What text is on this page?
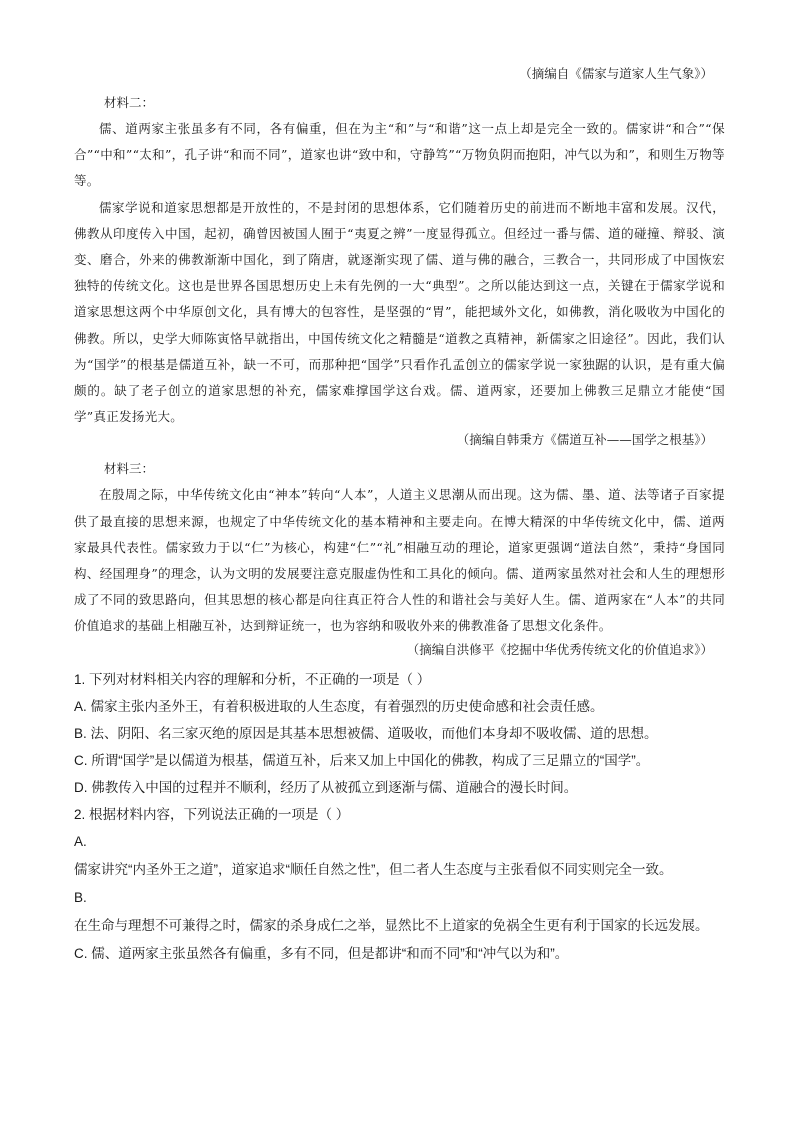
（摘编自《儒家与道家人生气象》）
材料二：

儒、道两家主张虽多有不同，各有偏重，但在为主“和”与“和谐”这一点上却是完全一致的。儒家讲“和合”“保合”“中和”“太和”，孔子讲“和而不同”，道家也讲“致中和，守静笃”“万物负阴而抱阳，冲气以为和”，和则生万物等等。

儒家学说和道家思想都是开放性的，不是封闭的思想体系，它们随着历史的前进而不断地丰富和发展。汉代，佛教从印度传入中国，起初，确曾因被国人囿于“夷夏之辨”一度显得孤立。但经过一番与儒、道的碰撞、辩驳、演变、磨合，外来的佛教渐渐中国化，到了隋唐，就逐渐实现了儒、道与佛的融合，三教合一，共同形成了中国恢宏独特的传统文化。这也是世界各国思想历史上未有先例的一大“典型”。之所以能达到这一点，关键在于儒家学说和道家思想这两个中华原创文化，具有博大的包容性，是坚强的“胃”，能把域外文化，如佛教，消化吸收为中国化的佛教。所以，史学大师陈寅恪早就指出，中国传统文化之精髓是“道教之真精神，新儒家之旧途径”。因此，我们认为“国学”的根基是儒道互补，缺一不可，而那种把“国学”只看作孔孟创立的儒家学说一家独踞的认识，是有重大偏颇的。缺了老子创立的道家思想的补充，儒家难撑国学这台戏。儒、道两家，还要加上佛教三足鼎立才能使“国学”真正发扬光大。

（摘编自韩秉方《儒道互补——国学之根基》）
材料三：

在殷周之际，中华传统文化由“神本”转向“人本”，人道主义思潮从而出现。这为儒、墨、道、法等诸子百家提供了最直接的思想来源，也规定了中华传统文化的基本精神和主要走向。在博大精深的中华传统文化中，儒、道两家最具代表性。儒家致力于以“仁”为核心，构建“仁”“礼”相融互动的理论，道家更强调“道法自然”，秉持“身国同构、经国理身”的理念，认为文明的发展要注意克服虚伪性和工具化的倾向。儒、道两家虽然对社会和人生的理想形成了不同的致思路向，但其思想的核心都是向往真正符合人性的和谐社会与美好人生。儒、道两家在“人本”的共同价值追求的基础上相融互补，达到辩证统一，也为容纳和吸收外来的佛教准备了思想文化条件。

（摘编自洪修平《挖掘中华优秀传统文化的价值追求》）

1. 下列对材料相关内容的理解和分析，不正确的一项是（ ）

A. 儒家主张内圣外王，有着积极进取的人生态度，有着强烈的历史使命感和社会责任感。

B. 法、阴阳、名三家灭绝的原因是其基本思想被儒、道吸收，而他们本身却不吸收儒、道的思想。

C. 所谓“国学”是以儒道为根基，儒道互补，后来又加上中国化的佛教，构成了三足鼎立的“国学”。

D. 佛教传入中国的过程并不顺利，经历了从被孤立到逐渐与儒、道融合的漫长时间。

2. 根据材料内容，下列说法正确的一项是（ ）

A.

儒家讲究“内圣外王之道”，道家追求“顺任自然之性”，但二者人生态度与主张看似不同实则完全一致。

B.

在生命与理想不可兼得之时，儒家的杀身成仁之举，显然比不上道家的免祸全生更有利于国家的长远发展。

C. 儒、道两家主张虽然各有偏重，多有不同，但是都讲“和而不同”和“冲气以为和”。
